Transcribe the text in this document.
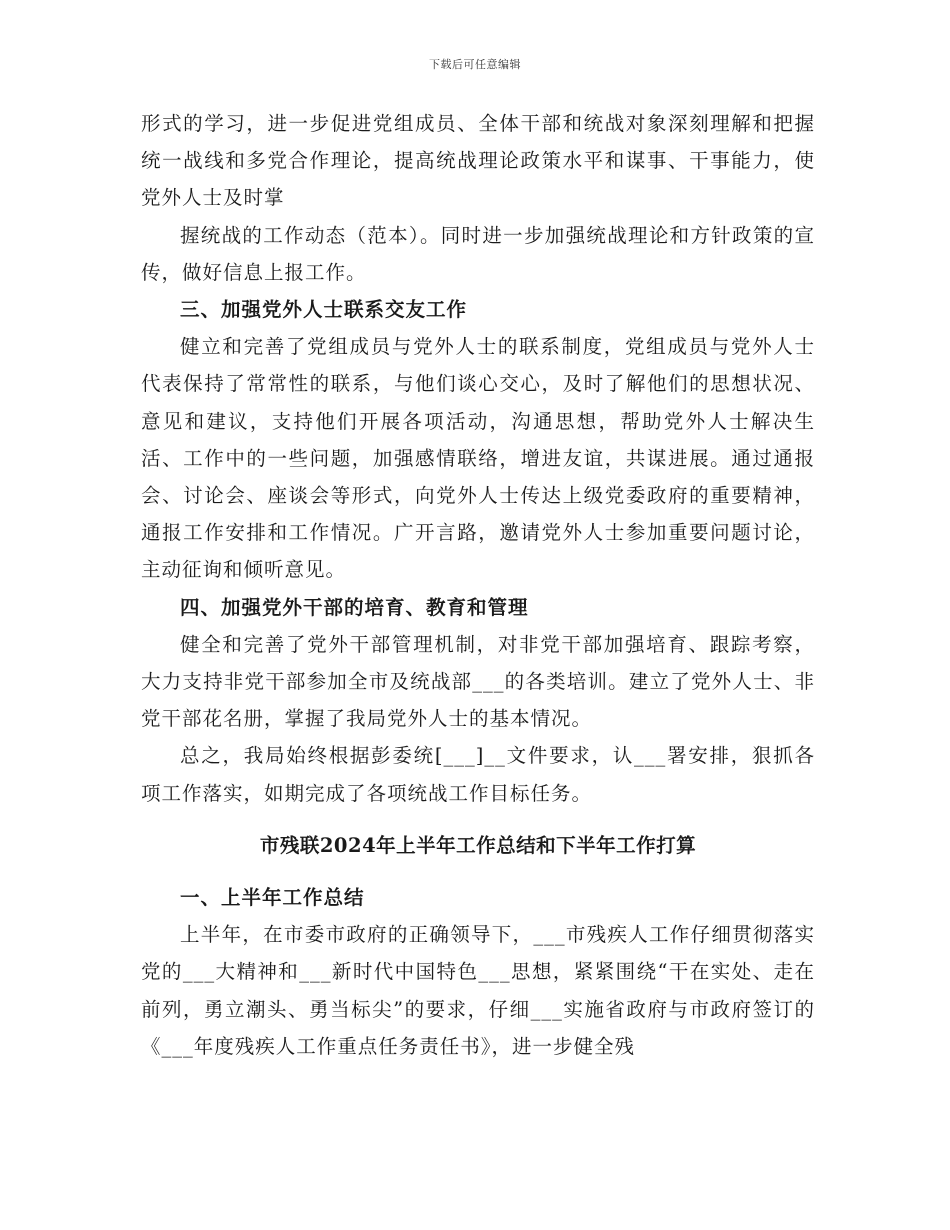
下载后可任意编辑

形式的学习，进一步促进党组成员、全体干部和统战对象深刻理解和把握统一战线和多党合作理论，提高统战理论政策水平和谋事、干事能力，使党外人士及时掌

握统战的工作动态（范本）。同时进一步加强统战理论和方针政策的宣传，做好信息上报工作。

三、加强党外人士联系交友工作

健立和完善了党组成员与党外人士的联系制度，党组成员与党外人士代表保持了常常性的联系，与他们谈心交心，及时了解他们的思想状况、意见和建议，支持他们开展各项活动，沟通思想，帮助党外人士解决生活、工作中的一些问题，加强感情联络，增进友谊，共谋进展。通过通报会、讨论会、座谈会等形式，向党外人士传达上级党委政府的重要精神，通报工作安排和工作情况。广开言路，邀请党外人士参加重要问题讨论，主动征询和倾听意见。

四、加强党外干部的培育、教育和管理

健全和完善了党外干部管理机制，对非党干部加强培育、跟踪考察，大力支持非党干部参加全市及统战部___的各类培训。建立了党外人士、非党干部花名册，掌握了我局党外人士的基本情况。

总之，我局始终根据彭委统[___]__文件要求，认___署安排，狠抓各项工作落实，如期完成了各项统战工作目标任务。

市残联2024年上半年工作总结和下半年工作打算

一、上半年工作总结

上半年，在市委市政府的正确领导下，___市残疾人工作仔细贯彻落实党的___大精神和___新时代中国特色___思想，紧紧围绕“干在实处、走在前列，勇立潮头、勇当标尖”的要求，仔细___实施省政府与市政府签订的《___年度残疾人工作重点任务责任书》，进一步健全残
